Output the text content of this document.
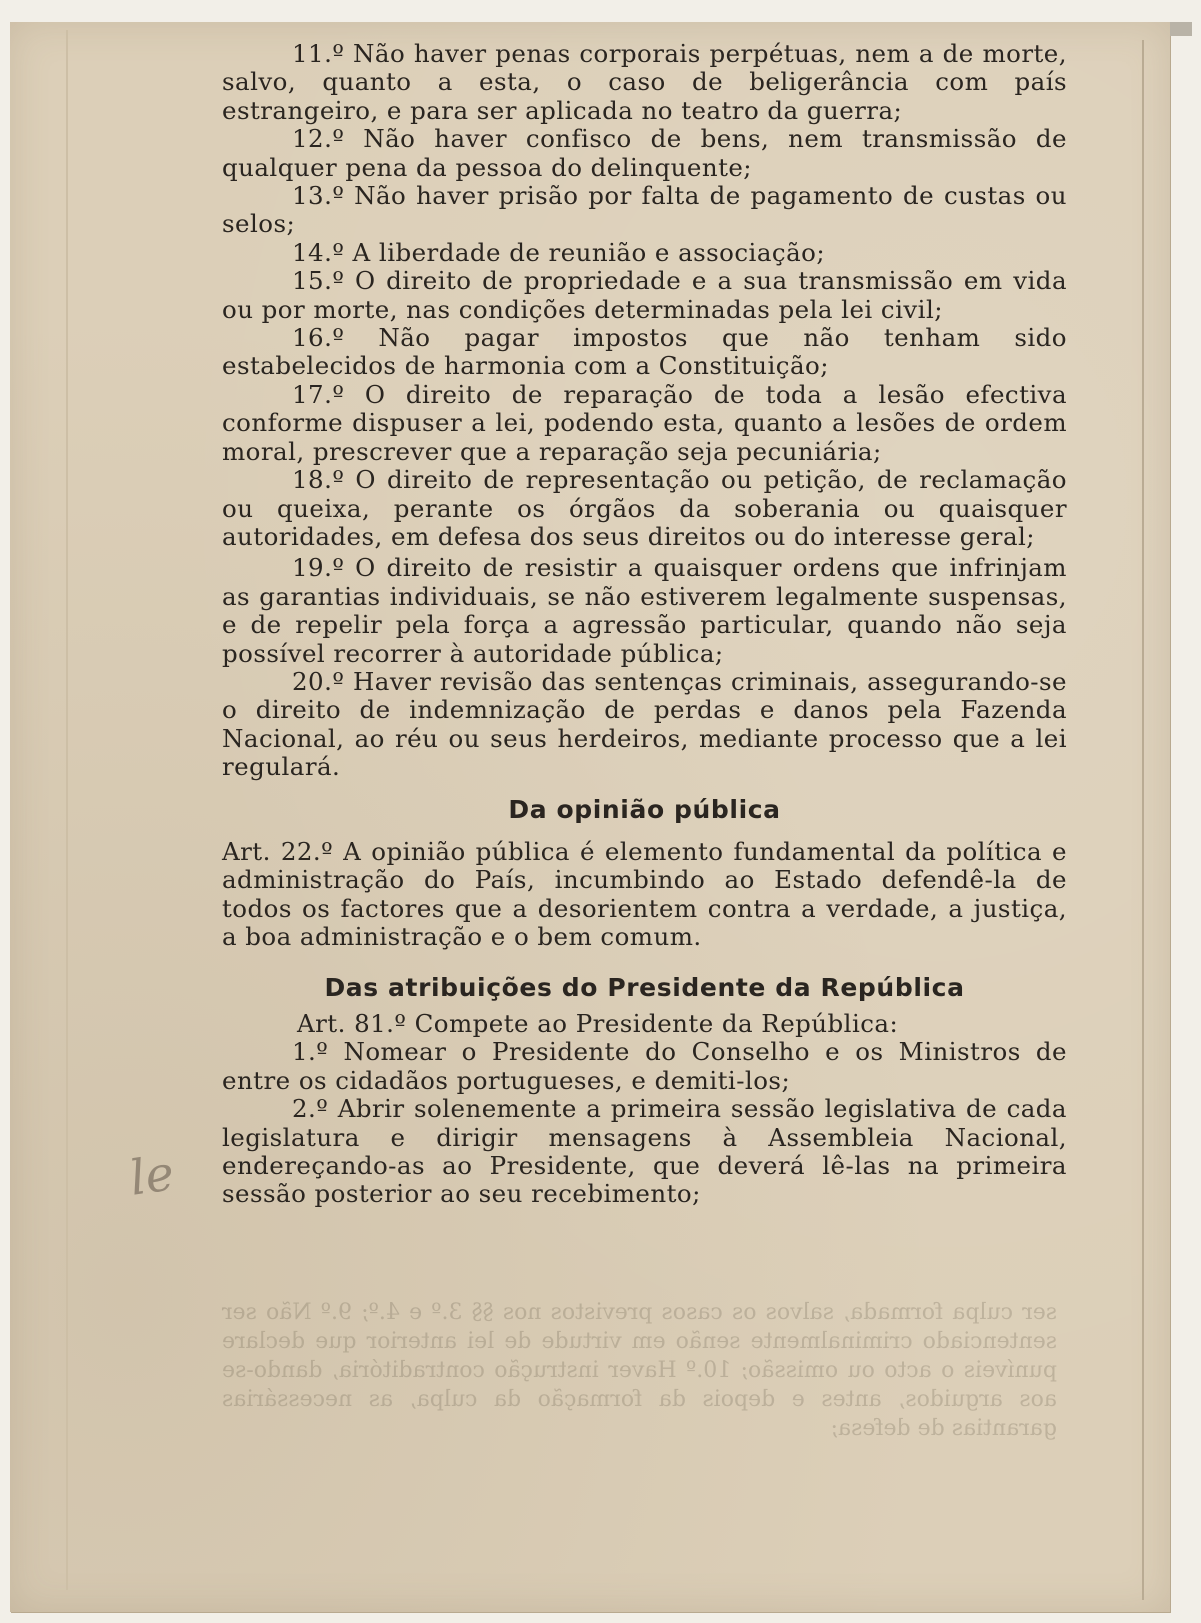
ser culpa formada, salvos os casos previstos nos §§ 3.º e 4.º; 9.º Não ser sentenciado criminalmente senão em virtude de lei anterior que declare puníveis o acto ou omissão; 10.º Haver instrução contraditória, dando-se aos arguidos, antes e depois da formação da culpa, as necessárias garantias de defesa;
le

11.º Não haver penas corporais perpétuas, nem a de morte, salvo, quanto a esta, o caso de beligerância com país estrangeiro, e para ser aplicada no teatro da guerra;

12.º Não haver confisco de bens, nem transmissão de qualquer pena da pessoa do delinquente;

13.º Não haver prisão por falta de pagamento de custas ou selos;

14.º A liberdade de reunião e associação;

15.º O direito de propriedade e a sua transmissão em vida ou por morte, nas condições determinadas pela lei civil;

16.º Não pagar impostos que não tenham sido estabelecidos de harmonia com a Constituição;

17.º O direito de reparação de toda a lesão efectiva conforme dispuser a lei, podendo esta, quanto a lesões de ordem moral, prescrever que a reparação seja pecuniária;

18.º O direito de representação ou petição, de reclamação ou queixa, perante os órgãos da soberania ou quaisquer autoridades, em defesa dos seus direitos ou do interesse geral;

19.º O direito de resistir a quaisquer ordens que infrinjam as garantias individuais, se não estiverem legalmente suspensas, e de repelir pela força a agressão particular, quando não seja possível recorrer à autoridade pública;

20.º Haver revisão das sentenças criminais, assegurando-se o direito de indemnização de perdas e danos pela Fazenda Nacional, ao réu ou seus herdeiros, mediante processo que a lei regulará.

Da opinião pública

Art. 22.º A opinião pública é elemento fundamental da política e administração do País, incumbindo ao Estado defendê-la de todos os factores que a desorientem contra a verdade, a justiça, a boa administração e o bem comum.

Das atribuições do Presidente da República

Art. 81.º Compete ao Presidente da República:

1.º Nomear o Presidente do Conselho e os Ministros de entre os cidadãos portugueses, e demiti-los;

2.º Abrir solenemente a primeira sessão legislativa de cada legislatura e dirigir mensagens à Assembleia Nacional, endereçando-as ao Presidente, que deverá lê-las na primeira sessão posterior ao seu recebimento;
